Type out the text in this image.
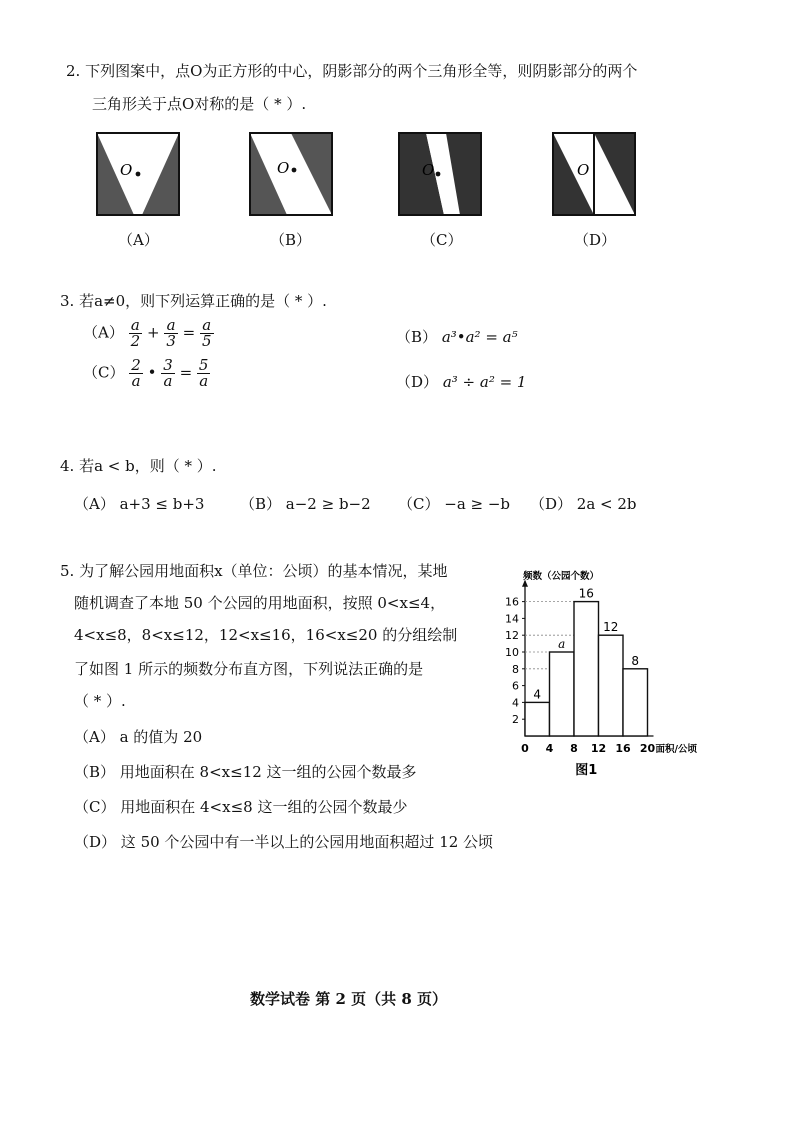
2. 下列图案中，点O为正方形的中心，阴影部分的两个三角形全等，则阴影部分的两个
三角形关于点O对称的是（ * ）.
O
（A）
O
（B）
O
（C）
O
（D）
3. 若a≠0，则下列运算正确的是（ * ）.
$(A) \frac{a}{2} + \frac{a}{3} = \frac{a}{5}$	（B） a³•a² = a⁵
$(C) \frac{2}{a}$ • $\frac{3}{a} = \frac{5}{a}$	（D） a³ ÷ a² = 1
4. 若a < b，则（ * ）.
（A） a+3 ≤ b+3 （B） a−2 ≥ b−2 （C） −a ≥ −b （D） 2a < 2b
5. 为了解公园用地面积x（单位：公顷）的基本情况，某地
随机调查了本地 50 个公园的用地面积，按照 0<x≤4，
4<x≤8，8<x≤12，12<x≤16，16<x≤20 的分组绘制
了如图 1 所示的频数分布直方图，下列说法正确的是
（ * ）.
（A） a 的值为 20
（B） 用地面积在 8<x≤12 这一组的公园个数最多
（C） 用地面积在 4<x≤8 这一组的公园个数最少
（D） 这 50 个公园中有一半以上的公园用地面积超过 12 公顷
2
4
6
8
10
12
14
16
4
a
16
12
8
0 4 8 12 16 20
频数（公园个数）
面积/公顷
图1
数学试卷 第 2 页（共 8 页）
